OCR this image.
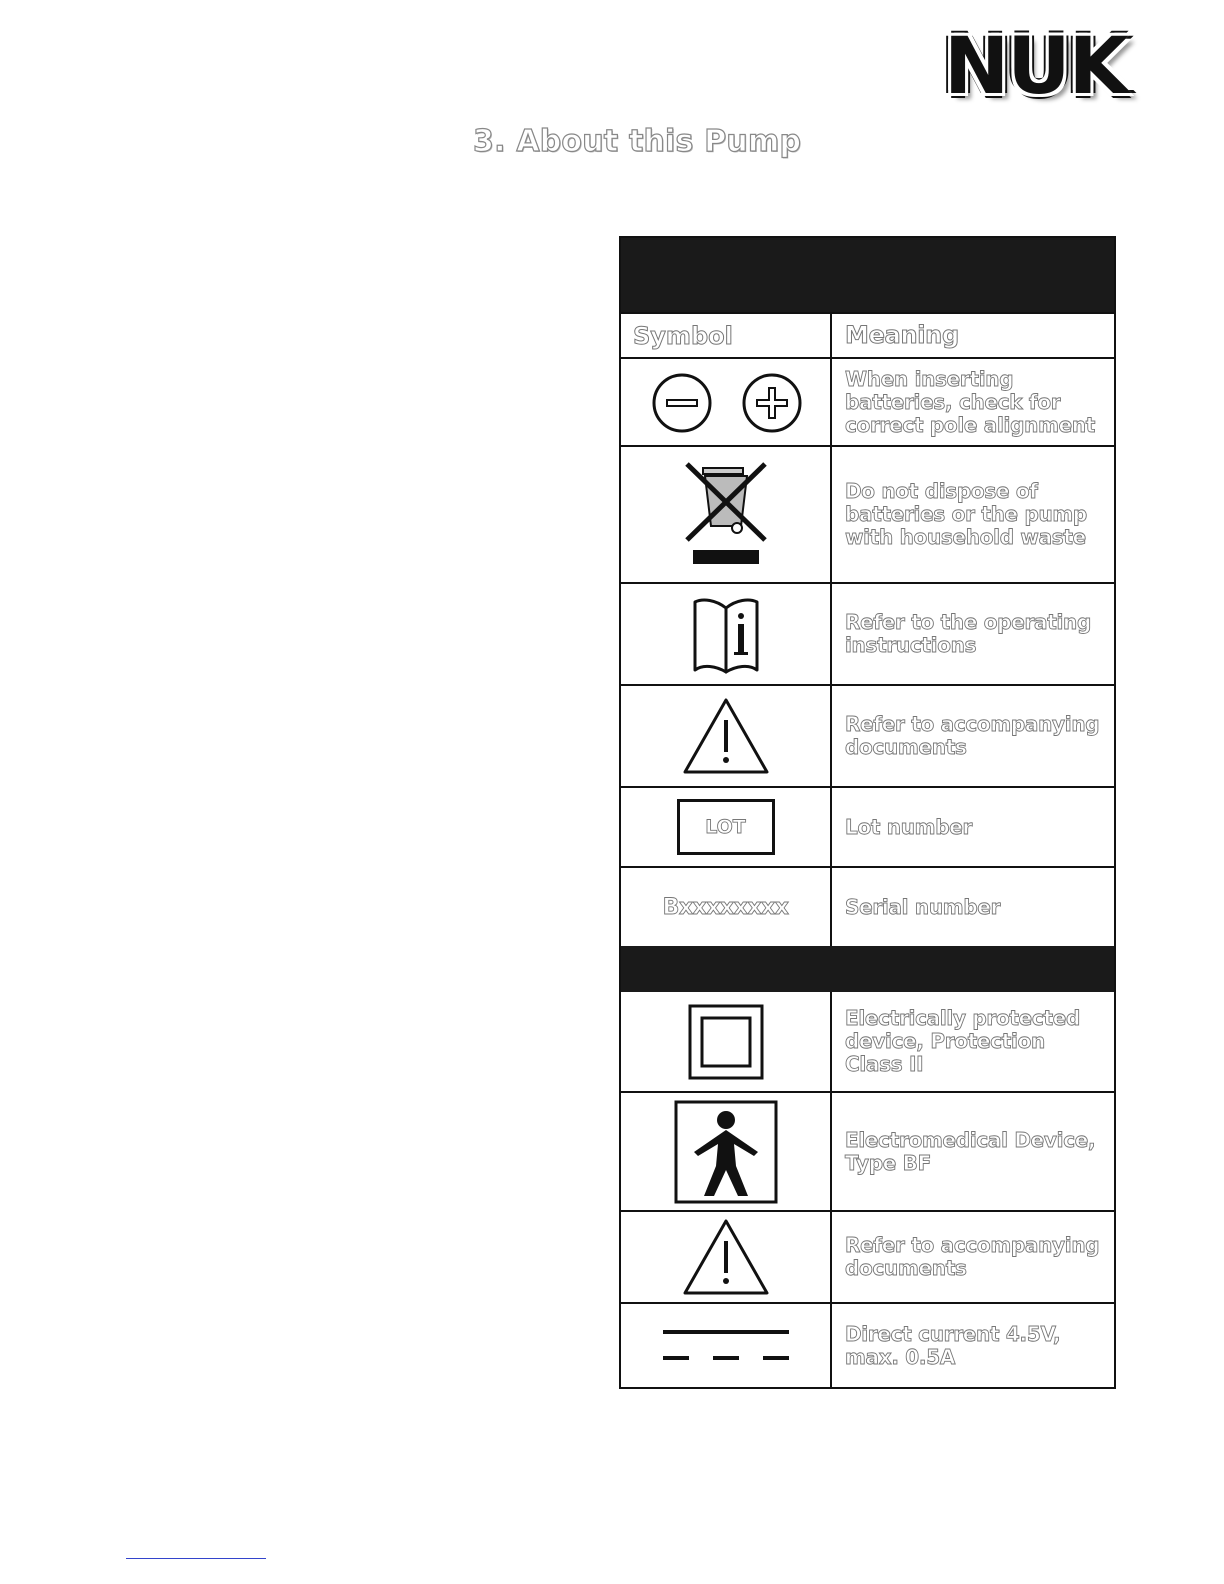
NUK
3. About this Pump
Symbol	Meaning
When inserting batteries, check for correct pole alignment
Do not dispose of batteries or the pump with household waste
Refer to the operating instructions
Refer to accompanying documents
LOT	Lot number
Bxxxxxxxx	Serial number
Electrically protected device, Protection Class II
Electromedical Device, Type BF
Refer to accompanying documents
Direct current 4.5V, max. 0.5A
